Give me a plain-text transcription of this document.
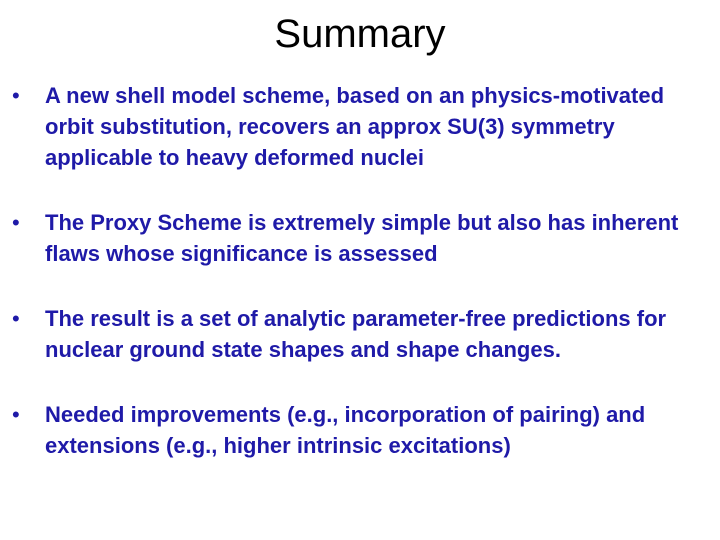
Summary
• A new shell model scheme, based on an physics-motivated orbit substitution, recovers an approx SU(3) symmetry applicable to heavy deformed nuclei
• The Proxy Scheme is extremely simple but also has inherent flaws whose significance is assessed
• The result is a set of analytic parameter-free predictions for nuclear ground state shapes and shape changes.
• Needed improvements (e.g., incorporation of pairing) and extensions (e.g., higher intrinsic excitations)
